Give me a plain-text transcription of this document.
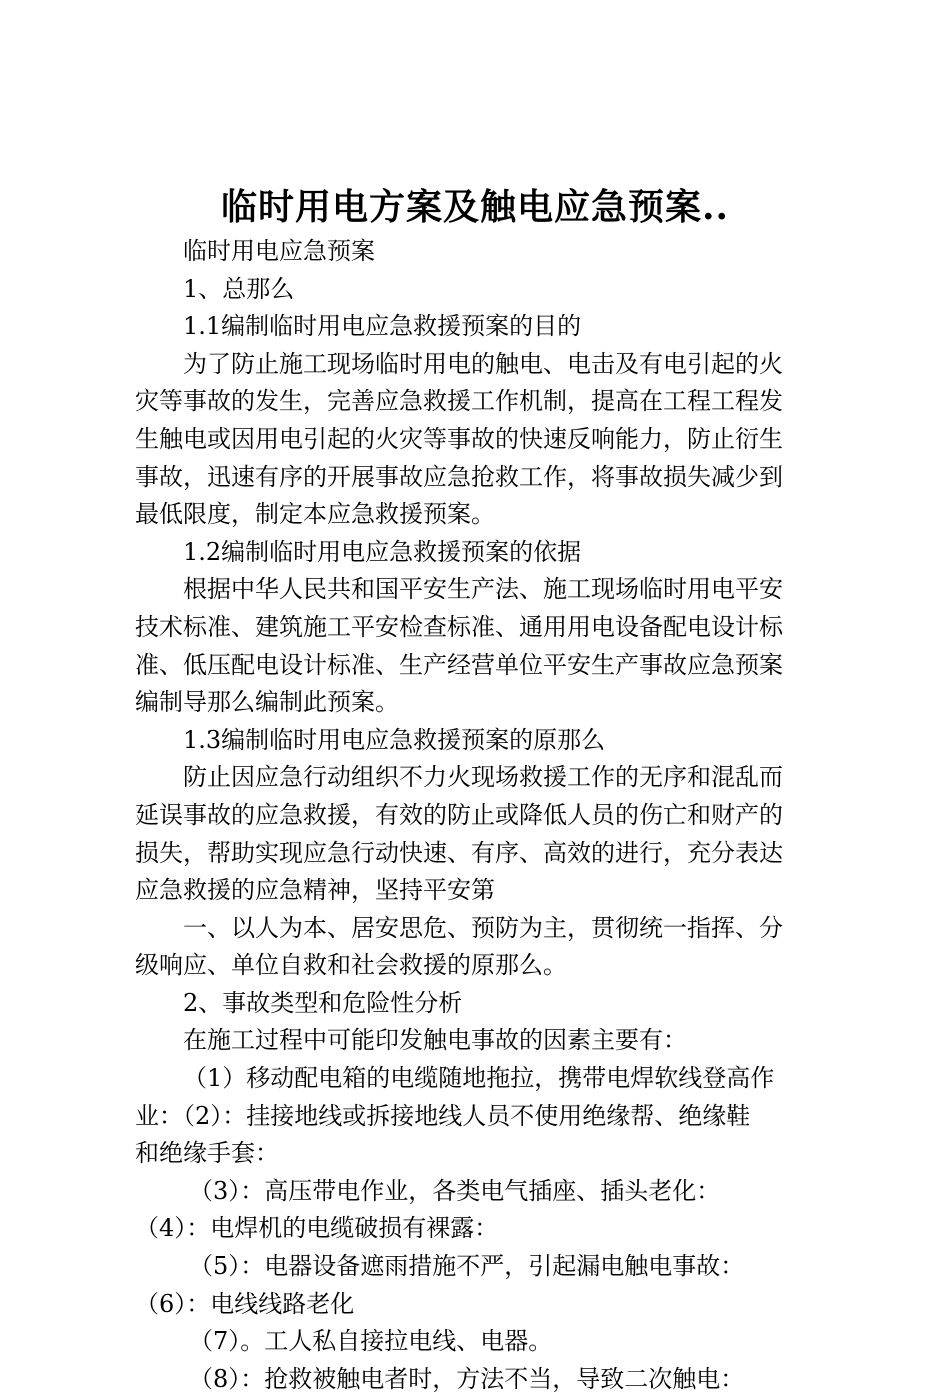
临时用电方案及触电应急预案..

临时用电应急预案

1、总那么

1.1编制临时用电应急救援预案的目的

为了防止施工现场临时用电的触电、电击及有电引起的火

灾等事故的发生，完善应急救援工作机制，提高在工程工程发

生触电或因用电引起的火灾等事故的快速反响能力，防止衍生

事故，迅速有序的开展事故应急抢救工作，将事故损失减少到

最低限度，制定本应急救援预案。

1.2编制临时用电应急救援预案的依据

根据中华人民共和国平安生产法、施工现场临时用电平安

技术标准、建筑施工平安检查标准、通用用电设备配电设计标

准、低压配电设计标准、生产经营单位平安生产事故应急预案

编制导那么编制此预案。

1.3编制临时用电应急救援预案的原那么

防止因应急行动组织不力火现场救援工作的无序和混乱而

延误事故的应急救援，有效的防止或降低人员的伤亡和财产的

损失，帮助实现应急行动快速、有序、高效的进行，充分表达

应急救援的应急精神，坚持平安第

一、以人为本、居安思危、预防为主，贯彻统一指挥、分

级响应、单位自救和社会救援的原那么。

2、事故类型和危险性分析

在施工过程中可能印发触电事故的因素主要有：

（1）移动配电箱的电缆随地拖拉，携带电焊软线登高作

业：（2）：挂接地线或拆接地线人员不使用绝缘帮、绝缘鞋

和绝缘手套：

（3）：高压带电作业，各类电气插座、插头老化：

（4）：电焊机的电缆破损有裸露：

（5）：电器设备遮雨措施不严，引起漏电触电事故：

（6）：电线线路老化

（7）。工人私自接拉电线、电器。

（8）：抢救被触电者时，方法不当，导致二次触电：
